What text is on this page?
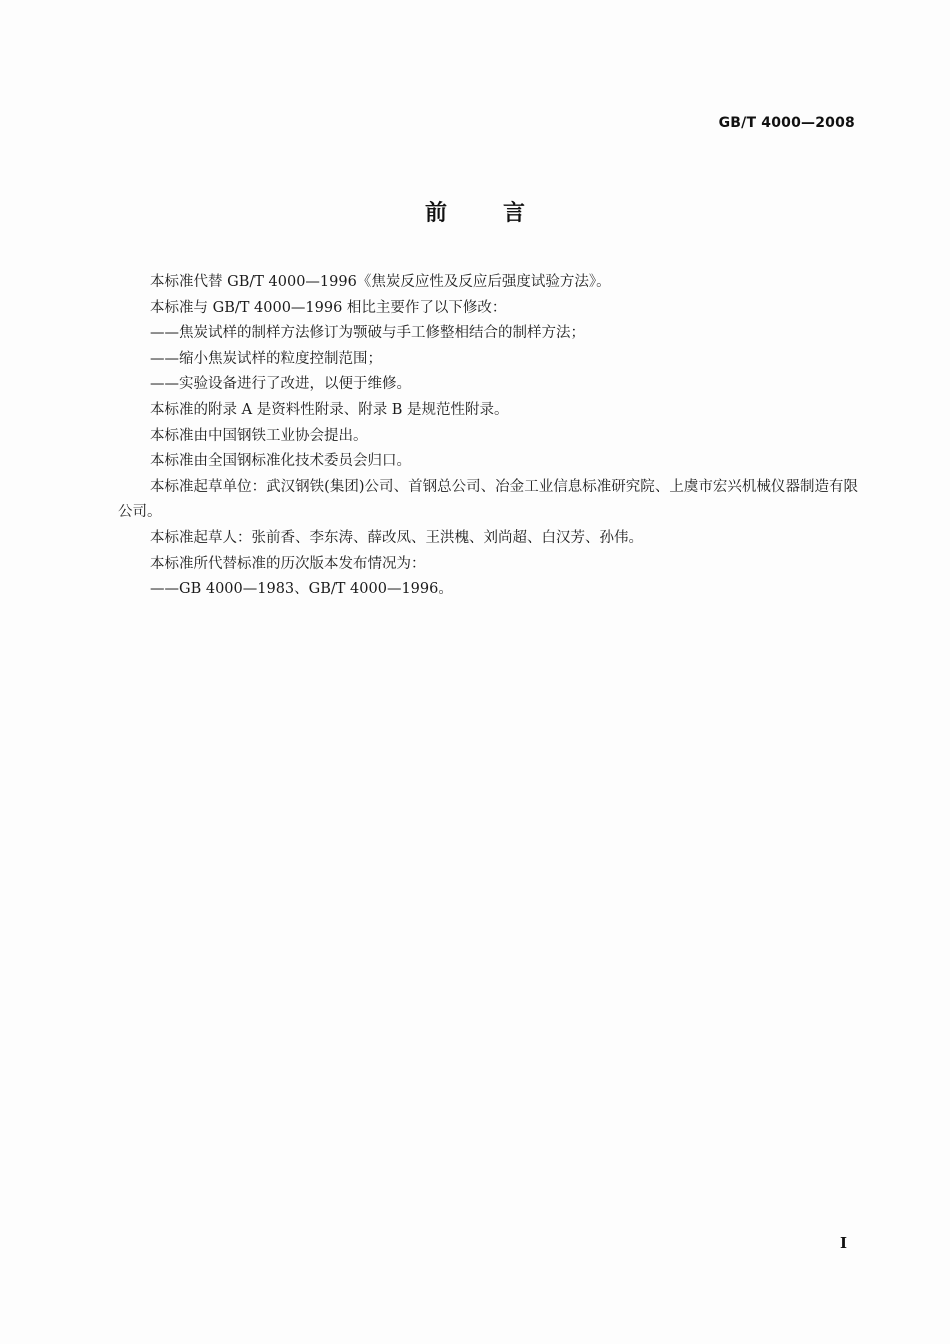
GB/T 4000—2008
前言

本标准代替 GB/T 4000—1996《焦炭反应性及反应后强度试验方法》。

本标准与 GB/T 4000—1996 相比主要作了以下修改：

——焦炭试样的制样方法修订为颚破与手工修整相结合的制样方法；

——缩小焦炭试样的粒度控制范围；

——实验设备进行了改进，以便于维修。

本标准的附录 A 是资料性附录、附录 B 是规范性附录。

本标准由中国钢铁工业协会提出。

本标准由全国钢标准化技术委员会归口。

本标准起草单位：武汉钢铁(集团)公司、首钢总公司、冶金工业信息标准研究院、上虞市宏兴机械仪器制造有限公司。

本标准起草人：张前香、李东涛、薛改凤、王洪槐、刘尚超、白汉芳、孙伟。

本标准所代替标准的历次版本发布情况为：

——GB 4000—1983、GB/T 4000—1996。

I
